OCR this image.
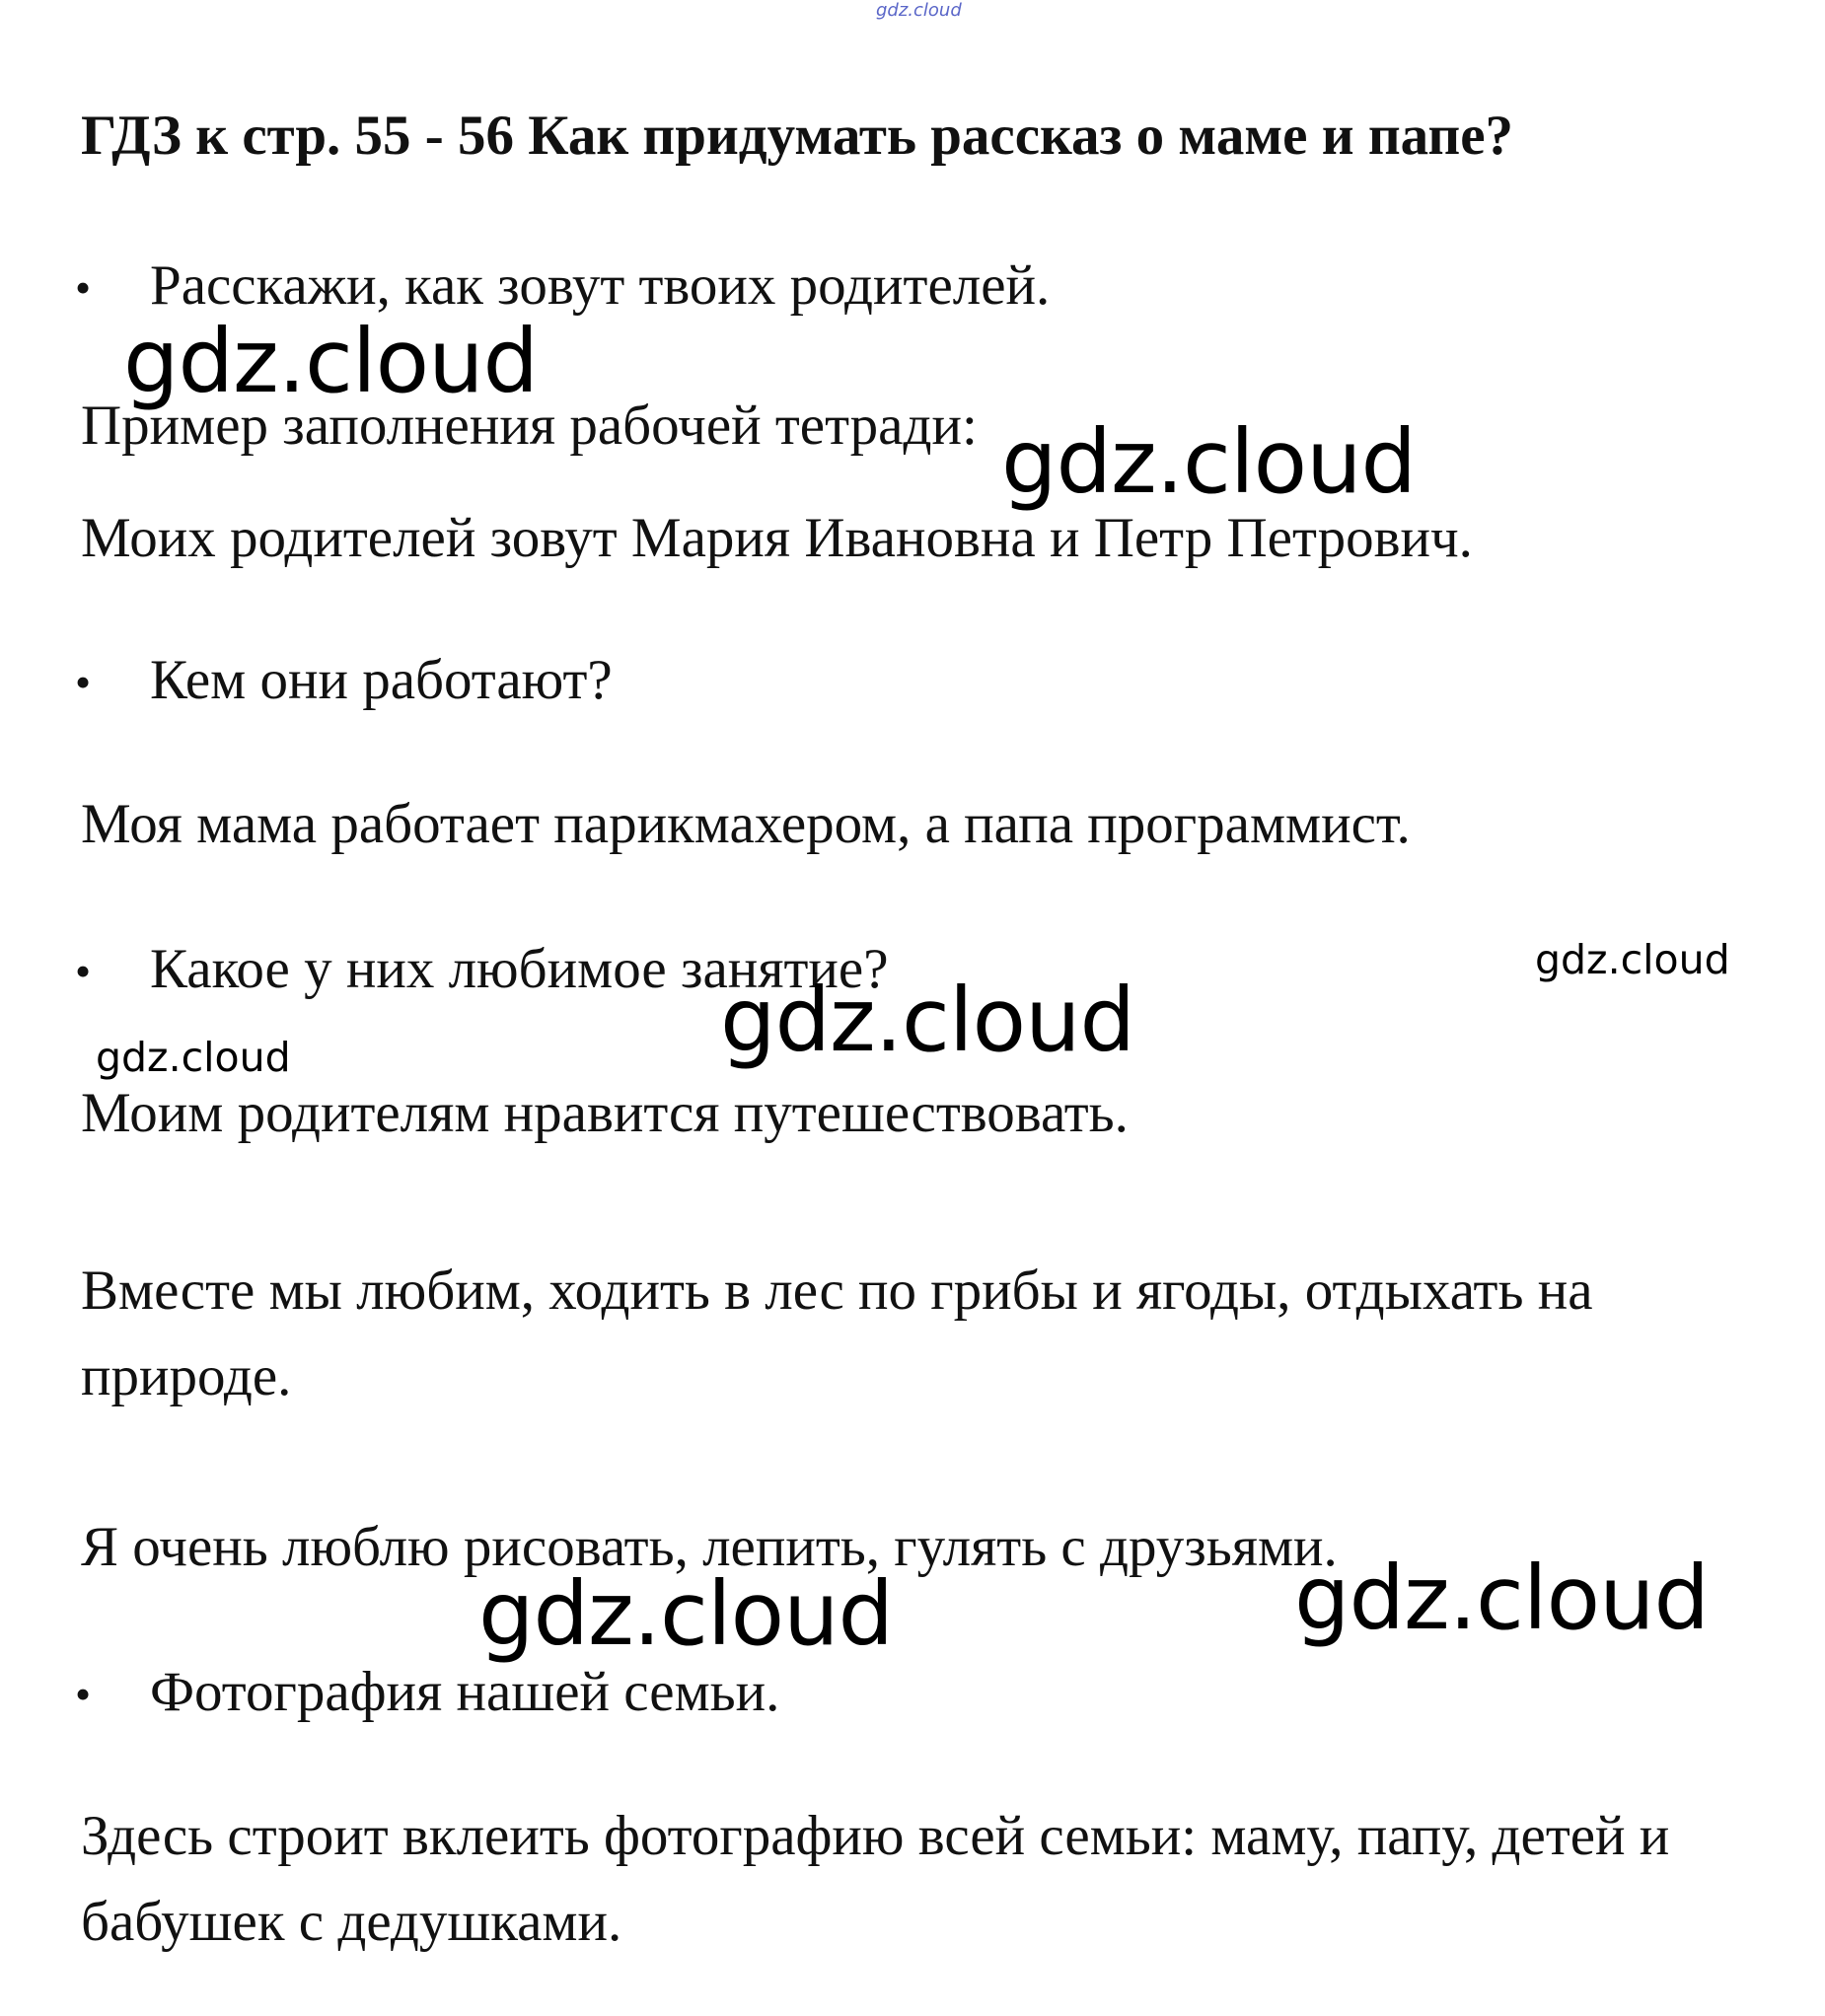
gdz.cloud
ГДЗ к стр. 55 - 56 Как придумать рассказ о маме и папе?
• Расскажи, как зовут твоих родителей.

Пример заполнения рабочей тетради:

Моих родителей зовут Мария Ивановна и Петр Петрович.

• Кем они работают?

Моя мама работает парикмахером, а папа программист.

• Какое у них любимое занятие?

Моим родителям нравится путешествовать.

Вместе мы любим, ходить в лес по грибы и ягоды, отдыхать на природе.

Я очень люблю рисовать, лепить, гулять с друзьями.

• Фотография нашей семьи.

Здесь строит вклеить фотографию всей семьи: маму, папу, детей и бабушек с дедушками.

gdz.cloud
gdz.cloud
gdz.cloud
gdz.cloud
gdz.cloud
gdz.cloud	gdz.cloud
